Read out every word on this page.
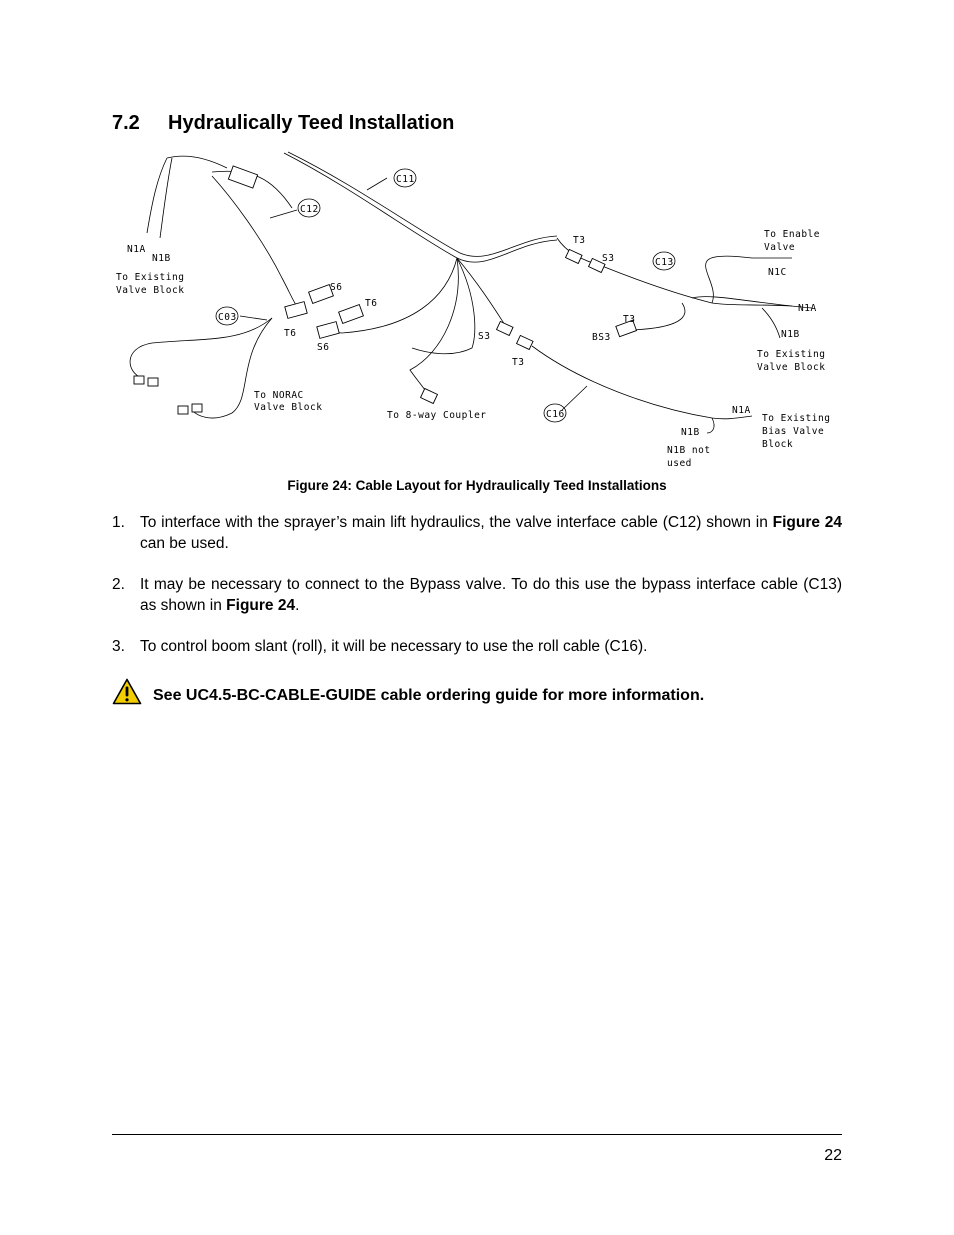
7.2 Hydraulically Teed Installation
C11
C12
C03
C13
C16
N1A
N1B
To Existing
Valve Block	S6
T6
T6
S6
To NORAC
Valve Block
To 8-way Coupler
S3
T3
T3
S3
To Enable
Valve
N1C
N1A
N1B
T3
BS3
To Existing
Valve Block
N1A
To Existing
Bias Valve
Block
N1B
N1B not
used

Figure 24: Cable Layout for Hydraulically Teed Installations

1. To interface with the sprayer’s main lift hydraulics, the valve interface cable (C12) shown in Figure 24 can be used.
2. It may be necessary to connect to the Bypass valve. To do this use the bypass interface cable (C13) as shown in Figure 24.
3. To control boom slant (roll), it will be necessary to use the roll cable (C16).
See UC4.5-BC-CABLE-GUIDE cable ordering guide for more information.
22
